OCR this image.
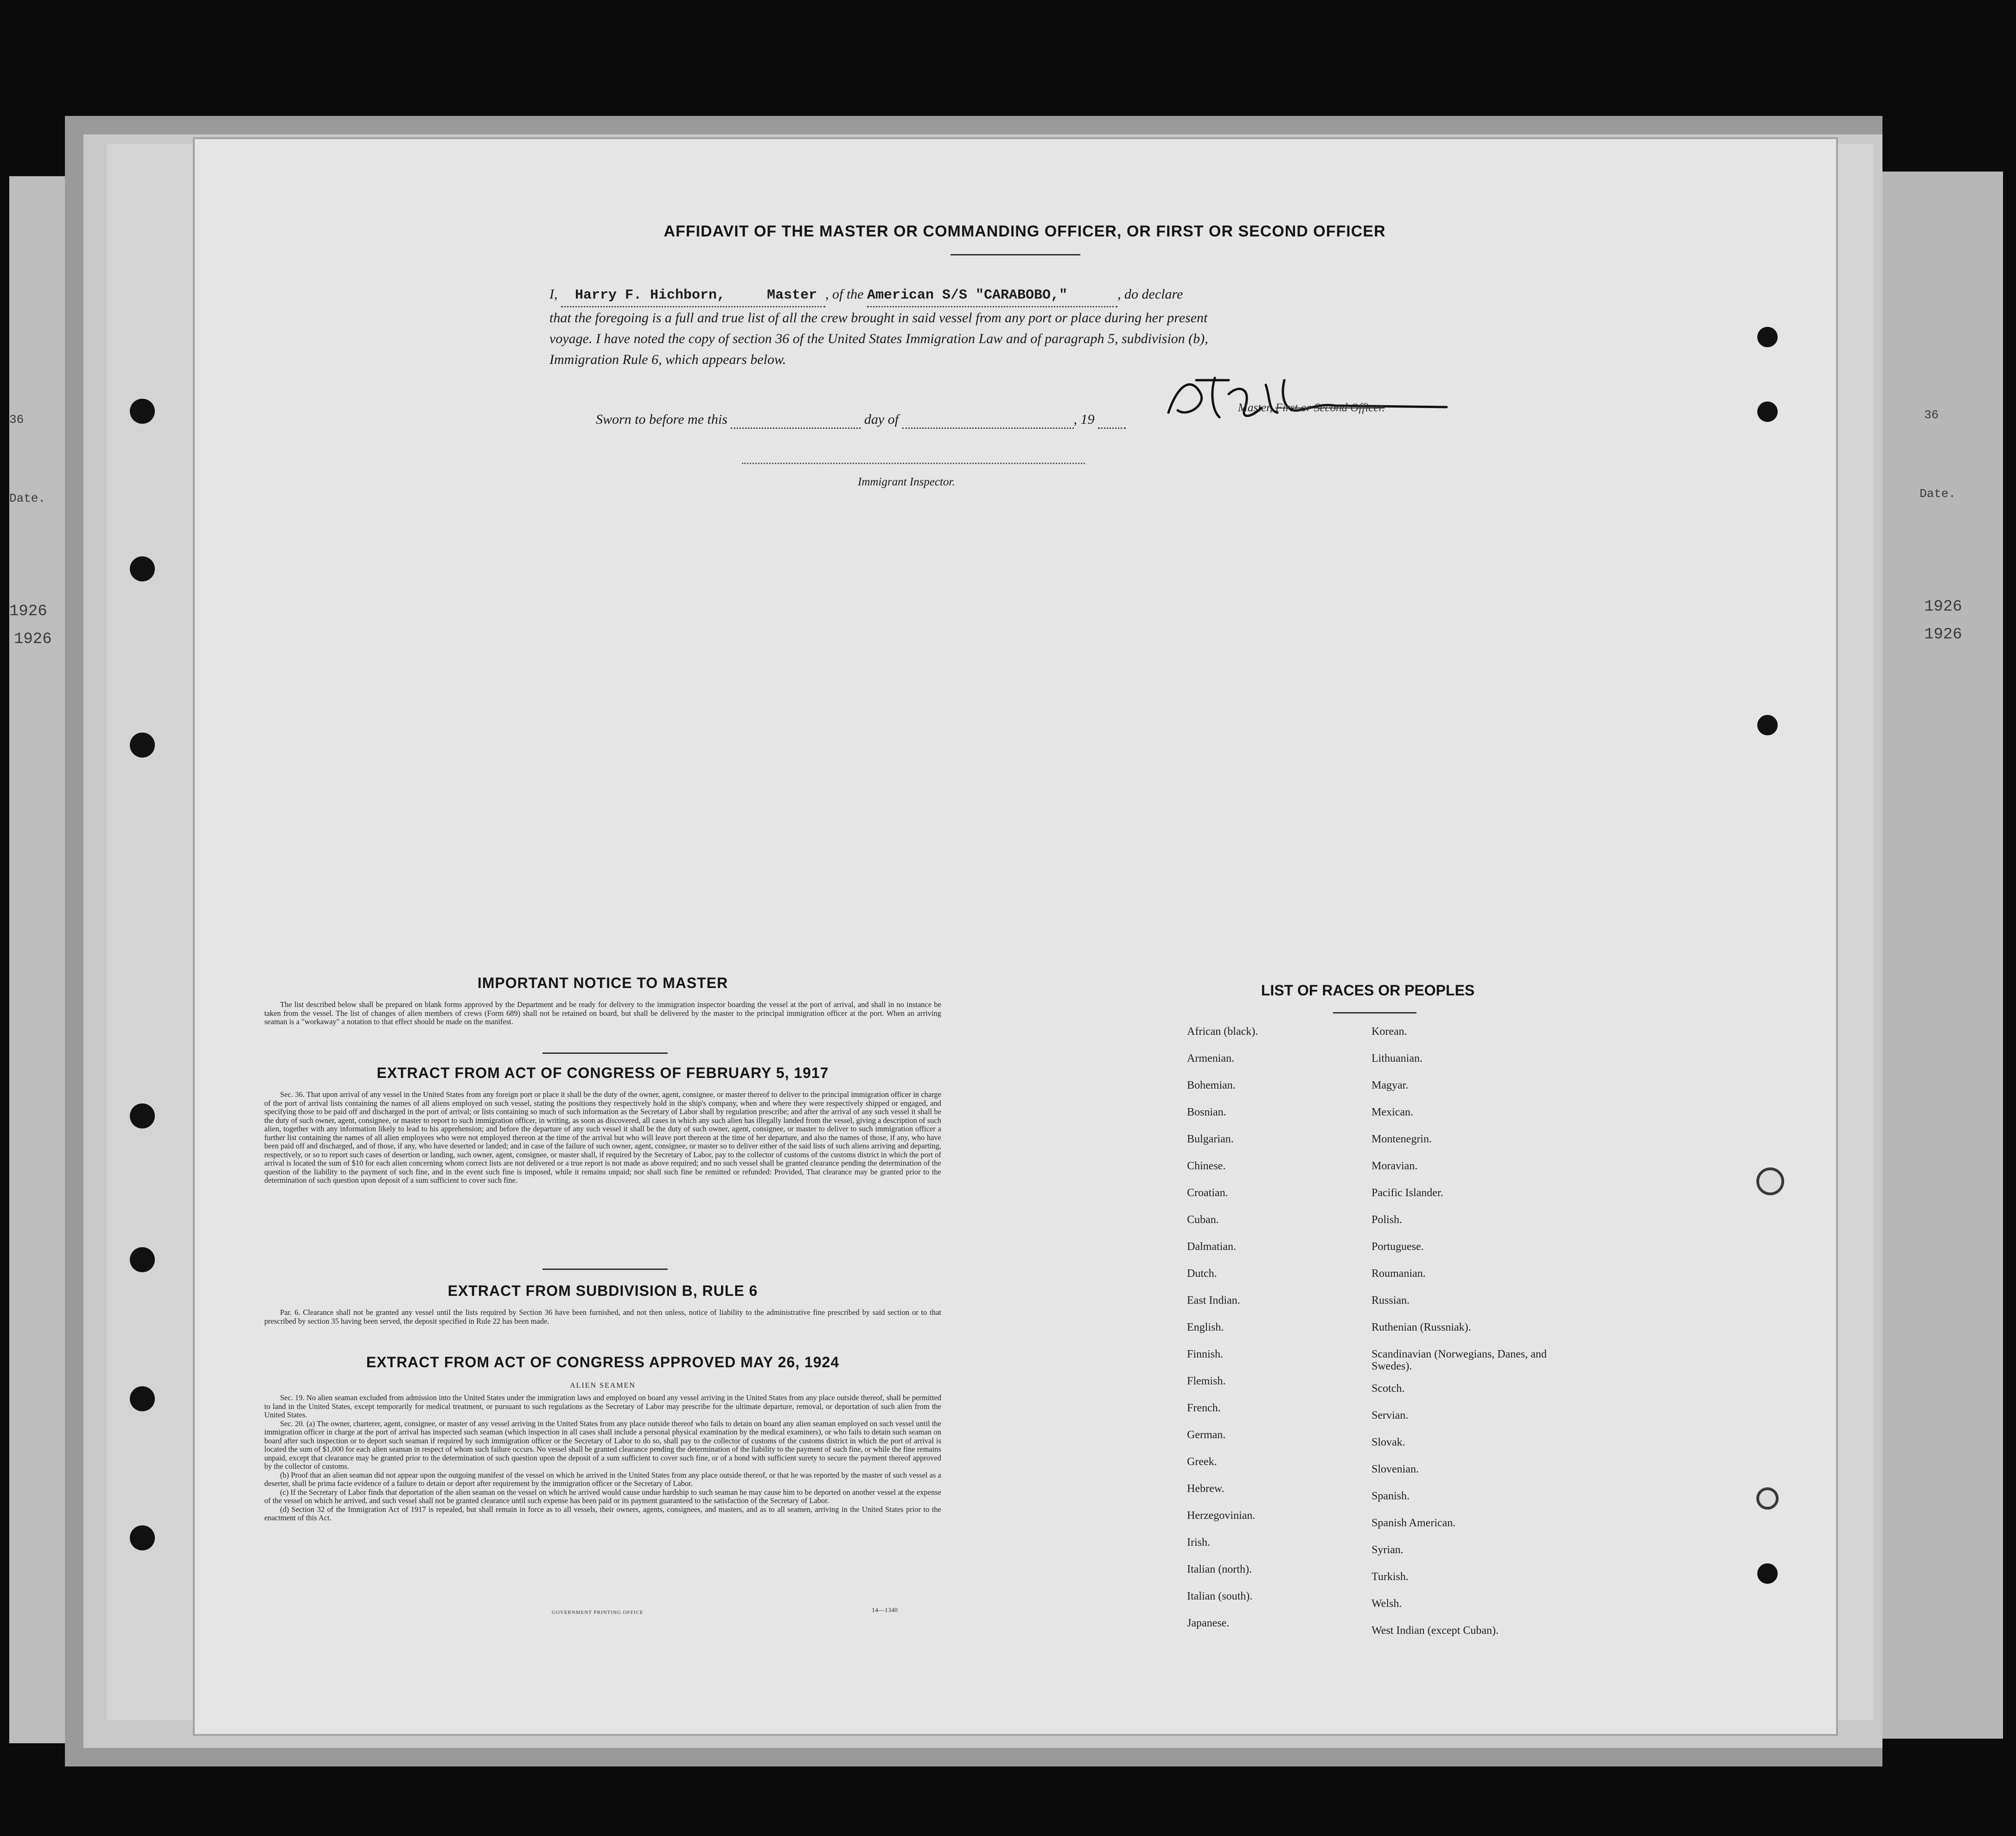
36
Date.
1926
1926
36
Date.
1926
1926
AFFIDAVIT OF THE MASTER OR COMMANDING OFFICER, OR FIRST OR SECOND OFFICER
I, Harry F. Hichborn,	Master , of the American S/S "CARABOBO,"	, do declare
that the foregoing is a full and true list of all the crew brought in said vessel from any port or place during her present
voyage. I have noted the copy of section 36 of the United States Immigration Law and of paragraph 5, subdivision (b),
Immigration Rule 6, which appears below.
Master, First or Second Officer.
Sworn to before me this	day of	, 19
Immigrant Inspector.
IMPORTANT NOTICE TO MASTER

The list described below shall be prepared on blank forms approved by the Department and be ready for delivery to the immigration inspector boarding the vessel at the port of arrival, and shall in no instance be taken from the vessel. The list of changes of alien members of crews (Form 689) shall not be retained on board, but shall be delivered by the master to the principal immigration officer at the port. When an arriving seaman is a "workaway" a notation to that effect should be made on the manifest.

EXTRACT FROM ACT OF CONGRESS OF FEBRUARY 5, 1917

Sec. 36. That upon arrival of any vessel in the United States from any foreign port or place it shall be the duty of the owner, agent, consignee, or master thereof to deliver to the principal immigration officer in charge of the port of arrival lists containing the names of all aliens employed on such vessel, stating the positions they respectively hold in the ship's company, when and where they were respectively shipped or engaged, and specifying those to be paid off and discharged in the port of arrival; or lists containing so much of such information as the Secretary of Labor shall by regulation prescribe; and after the arrival of any such vessel it shall be the duty of such owner, agent, consignee, or master to report to such immigration officer, in writing, as soon as discovered, all cases in which any such alien has illegally landed from the vessel, giving a description of such alien, together with any information likely to lead to his apprehension; and before the departure of any such vessel it shall be the duty of such owner, agent, consignee, or master to deliver to such immigration officer a further list containing the names of all alien employees who were not employed thereon at the time of the arrival but who will leave port thereon at the time of her departure, and also the names of those, if any, who have been paid off and discharged, and of those, if any, who have deserted or landed; and in case of the failure of such owner, agent, consignee, or master so to deliver either of the said lists of such aliens arriving and departing, respectively, or so to report such cases of desertion or landing, such owner, agent, consignee, or master shall, if required by the Secretary of Labor, pay to the collector of customs of the customs district in which the port of arrival is located the sum of $10 for each alien concerning whom correct lists are not delivered or a true report is not made as above required; and no such vessel shall be granted clearance pending the determination of the question of the liability to the payment of such fine, and in the event such fine is imposed, while it remains unpaid; nor shall such fine be remitted or refunded: Provided, That clearance may be granted prior to the determination of such question upon deposit of a sum sufficient to cover such fine.

EXTRACT FROM SUBDIVISION B, RULE 6

Par. 6. Clearance shall not be granted any vessel until the lists required by Section 36 have been furnished, and not then unless, notice of liability to the administrative fine prescribed by said section or to that prescribed by section 35 having been served, the deposit specified in Rule 22 has been made.

EXTRACT FROM ACT OF CONGRESS APPROVED MAY 26, 1924
ALIEN SEAMEN

Sec. 19. No alien seaman excluded from admission into the United States under the immigration laws and employed on board any vessel arriving in the United States from any place outside thereof, shall be permitted to land in the United States, except temporarily for medical treatment, or pursuant to such regulations as the Secretary of Labor may prescribe for the ultimate departure, removal, or deportation of such alien from the United States.

Sec. 20. (a) The owner, charterer, agent, consignee, or master of any vessel arriving in the United States from any place outside thereof who fails to detain on board any alien seaman employed on such vessel until the immigration officer in charge at the port of arrival has inspected such seaman (which inspection in all cases shall include a personal physical examination by the medical examiners), or who fails to detain such seaman on board after such inspection or to deport such seaman if required by such immigration officer or the Secretary of Labor to do so, shall pay to the collector of customs of the customs district in which the port of arrival is located the sum of $1,000 for each alien seaman in respect of whom such failure occurs. No vessel shall be granted clearance pending the determination of the liability to the payment of such fine, or while the fine remains unpaid, except that clearance may be granted prior to the determination of such question upon the deposit of a sum sufficient to cover such fine, or of a bond with sufficient surety to secure the payment thereof approved by the collector of customs.

(b) Proof that an alien seaman did not appear upon the outgoing manifest of the vessel on which he arrived in the United States from any place outside thereof, or that he was reported by the master of such vessel as a deserter, shall be prima facie evidence of a failure to detain or deport after requirement by the immigration officer or the Secretary of Labor.

(c) If the Secretary of Labor finds that deportation of the alien seaman on the vessel on which he arrived would cause undue hardship to such seaman he may cause him to be deported on another vessel at the expense of the vessel on which he arrived, and such vessel shall not be granted clearance until such expense has been paid or its payment guaranteed to the satisfaction of the Secretary of Labor.

(d) Section 32 of the Immigration Act of 1917 is repealed, but shall remain in force as to all vessels, their owners, agents, consignees, and masters, and as to all seamen, arriving in the United States prior to the enactment of this Act.

GOVERNMENT PRINTING OFFICE	14—1340
LIST OF RACES OR PEOPLES
African (black).
Armenian.
Bohemian.
Bosnian.
Bulgarian.
Chinese.
Croatian.
Cuban.
Dalmatian.
Dutch.
East Indian.
English.
Finnish.
Flemish.
French.
German.
Greek.
Hebrew.
Herzegovinian.
Irish.
Italian (north).
Italian (south).
Japanese.
Korean.
Lithuanian.
Magyar.
Mexican.
Montenegrin.
Moravian.
Pacific Islander.
Polish.
Portuguese.
Roumanian.
Russian.
Ruthenian (Russniak).
Scandinavian (Norwegians, Danes, and Swedes).
Scotch.
Servian.
Slovak.
Slovenian.
Spanish.
Spanish American.
Syrian.
Turkish.
Welsh.
West Indian (except Cuban).
